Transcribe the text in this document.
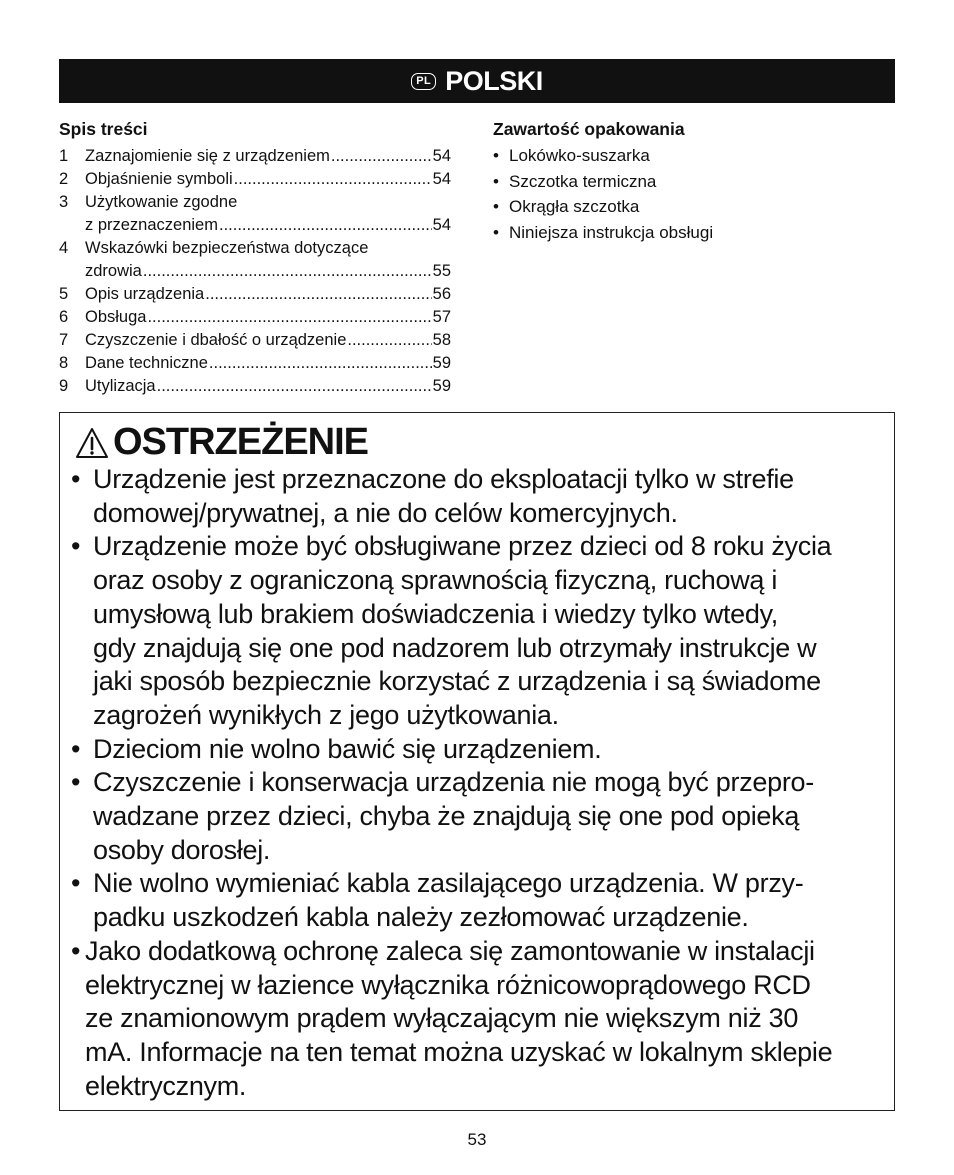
PL POLSKI
Spis treści
1	Zaznajomienie się z urządzeniem .....	54
2	Objaśnienie symboli .....	54
3	Użytkowanie zgodne
z przeznaczeniem .....	54
4	Wskazówki bezpieczeństwa dotyczące
zdrowia .....	55
5	Opis urządzenia .....	56
6	Obsługa .....	57
7	Czyszczenie i dbałość o urządzenie .....	58
8	Dane techniczne .....	59
9	Utylizacja .....	59
Zawartość opakowania
• Lokówko-suszarka
• Szczotka termiczna
• Okrągła szczotka
• Niniejsza instrukcja obsługi
OSTRZEŻENIE
• Urządzenie jest przeznaczone do eksploatacji tylko w strefie
domowej/prywatnej, a nie do celów komercyjnych.
• Urządzenie może być obsługiwane przez dzieci od 8 roku życia
oraz osoby z ograniczoną sprawnością fizyczną, ruchową i
umysłową lub brakiem doświadczenia i wiedzy tylko wtedy,
gdy znajdują się one pod nadzorem lub otrzymały instrukcje w
jaki sposób bezpiecznie korzystać z urządzenia i są świadome
zagrożeń wynikłych z jego użytkowania.
• Dzieciom nie wolno bawić się urządzeniem.
• Czyszczenie i konserwacja urządzenia nie mogą być przepro-
wadzane przez dzieci, chyba że znajdują się one pod opieką
osoby dorosłej.
• Nie wolno wymieniać kabla zasilającego urządzenia. W przy-
padku uszkodzeń kabla należy zezłomować urządzenie.
• Jako dodatkową ochronę zaleca się zamontowanie w instalacji
elektrycznej w łazience wyłącznika różnicowoprądowego RCD
ze znamionowym prądem wyłączającym nie większym niż 30
mA. Informacje na ten temat można uzyskać w lokalnym sklepie
elektrycznym.
53
